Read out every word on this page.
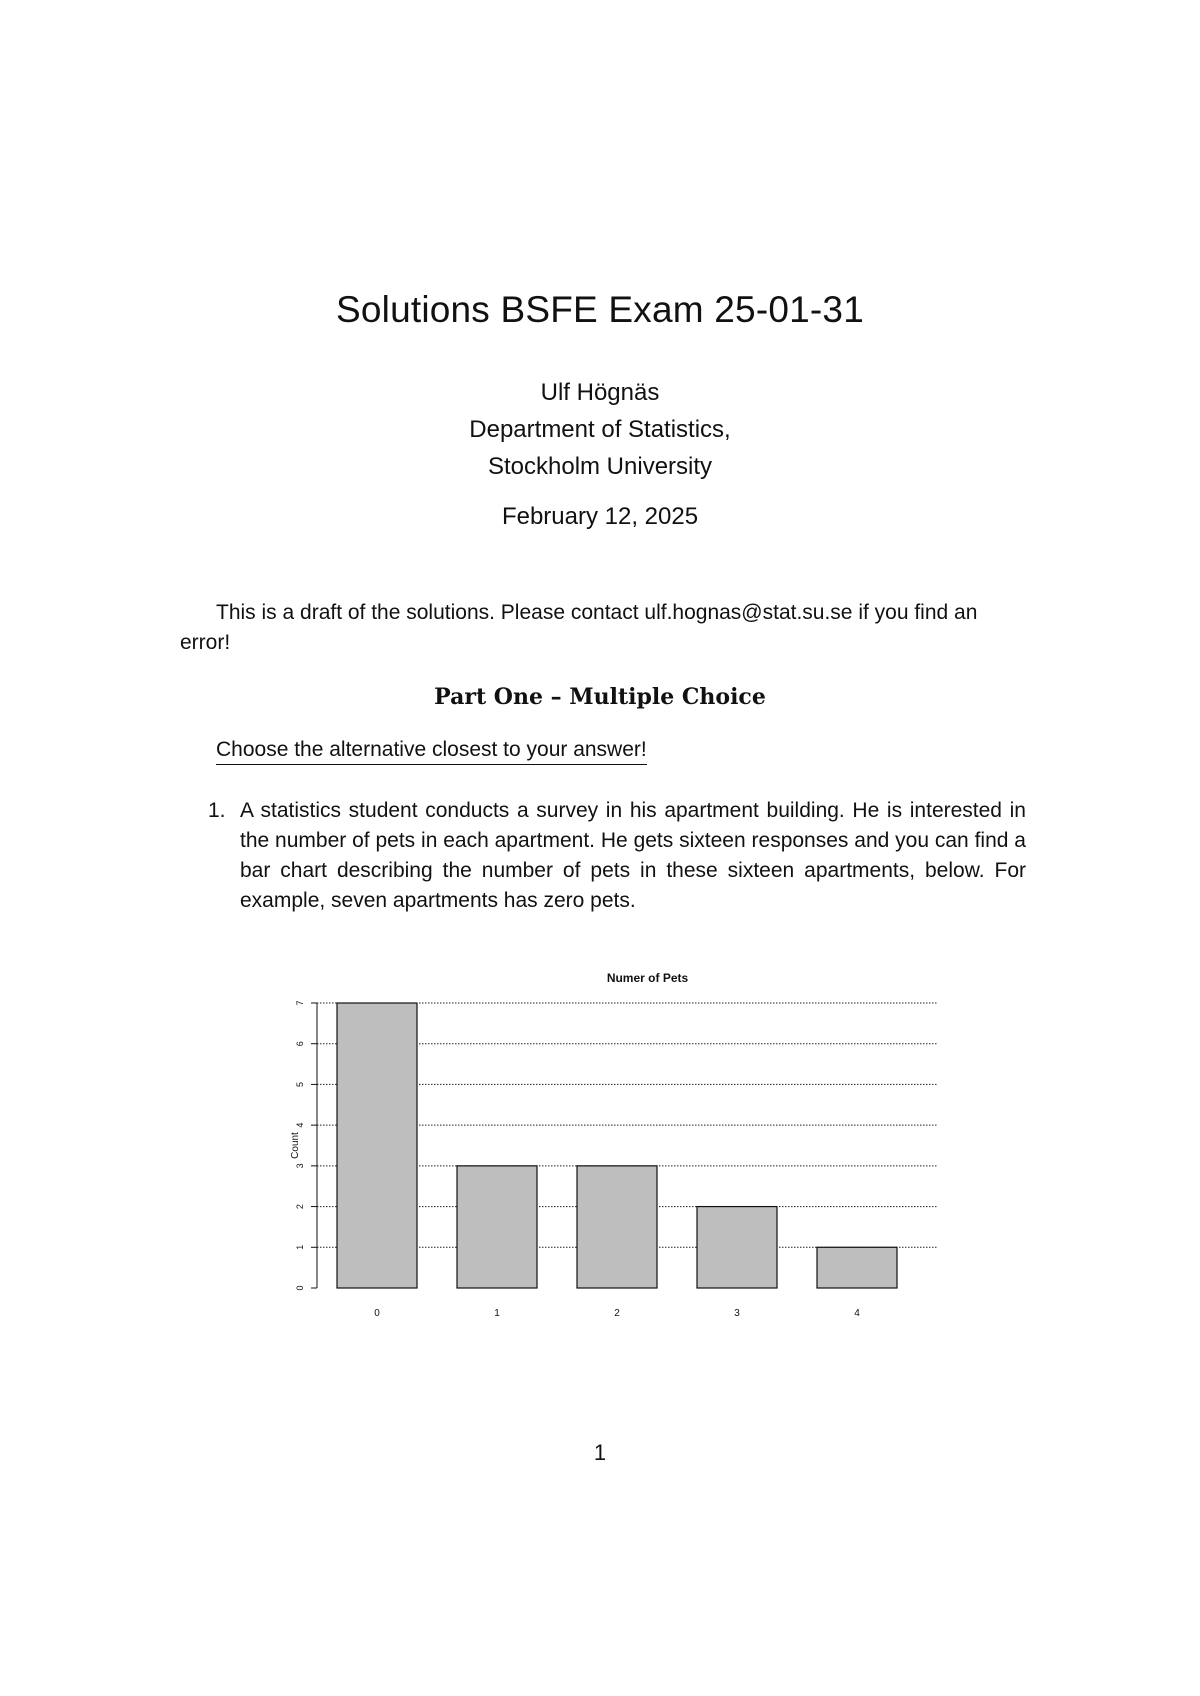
Solutions BSFE Exam 25-01-31
Ulf Högnäs
Department of Statistics,
Stockholm University
February 12, 2025
This is a draft of the solutions. Please contact ulf.hognas@stat.su.se if you find an error!
Part One – Multiple Choice
Choose the alternative closest to your answer!
1. A statistics student conducts a survey in his apartment building. He is interested in the number of pets in each apartment. He gets sixteen responses and you can find a bar chart describing the number of pets in these sixteen apartments, below. For example, seven apartments has zero pets.
Numer of Pets
Count
0
1
2
3
4
5
6
7
0	1	2	3	4
1
